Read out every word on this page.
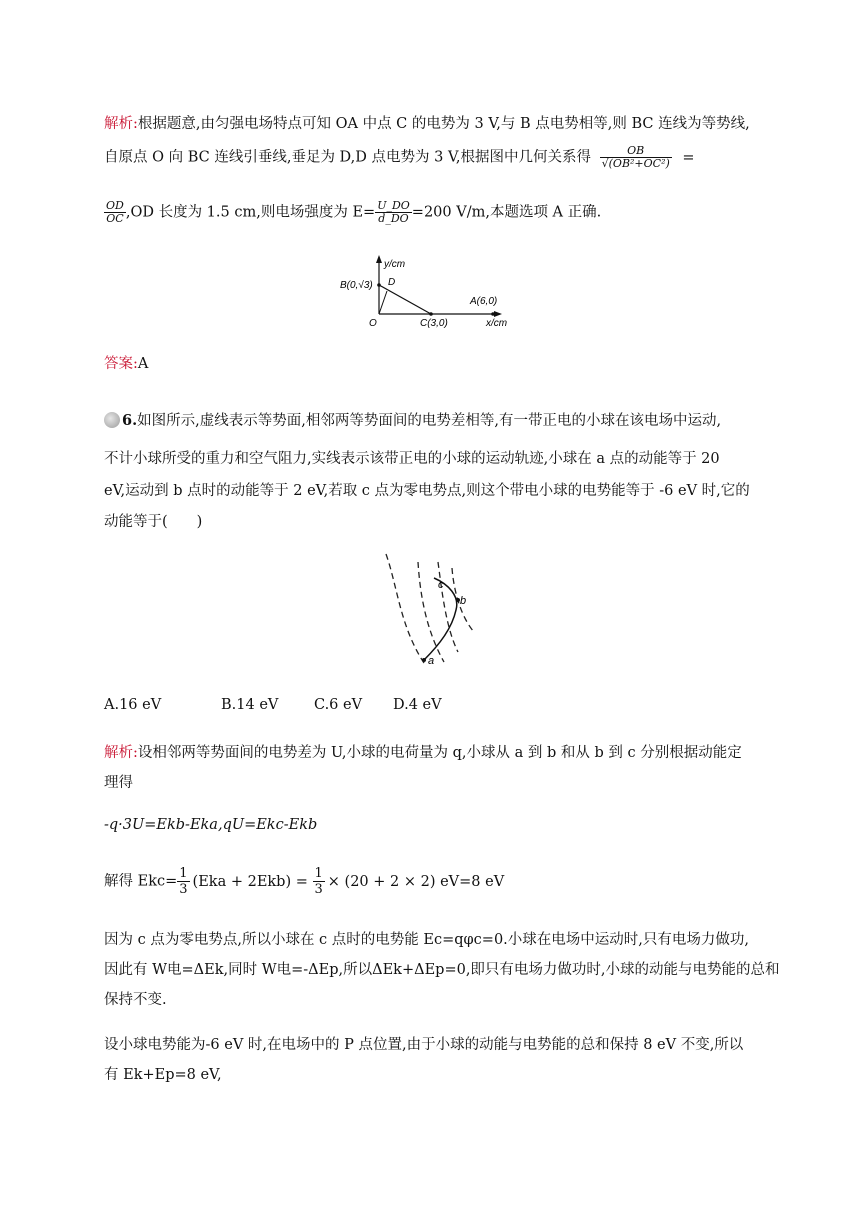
解析:根据题意,由匀强电场特点可知 OA 中点 C 的电势为 3 V,与 B 点电势相等,则 BC 连线为等势线,
自原点 O 向 BC 连线引垂线,垂足为 D,D 点电势为 3 V,根据图中几何关系得 $\frac{OB}{\text{√(OB²+OC²)}}$ =
$\frac{OD}{OC} ,OD$ 长度为 1.5 cm,则电场强度为 $E= \frac{U\_DO}{d\_DO} =200$ V/m,本题选项 A 正确.
y/cm
x/cm
B(0,√3) D
O	C(3,0)
A(6,0)
答案:A
6.如图所示,虚线表示等势面,相邻两等势面间的电势差相等,有一带正电的小球在该电场中运动,
不计小球所受的重力和空气阻力,实线表示该带正电的小球的运动轨迹,小球在 a 点的动能等于 20
eV,运动到 b 点时的动能等于 2 eV,若取 c 点为零电势点,则这个带电小球的电势能等于 -6 eV 时,它的
动能等于(　　)
c
b
a
A.16 eV	B.14 eV C.6 eV D.4 eV
解析:设相邻两等势面间的电势差为 U,小球的电荷量为 q,小球从 a 到 b 和从 b 到 c 分别根据动能定
理得
-q·3U=Ekb-Eka,qU=Ekc-Ekb
解得 $Ekc= \frac{1}{3} (Eka + 2Ekb) = \frac{1}{3} \times (20 + 2 \times 2)$ eV=8 eV
因为 c 点为零电势点,所以小球在 c 点时的电势能 Ec=qφc=0.小球在电场中运动时,只有电场力做功,
因此有 W电=ΔEk,同时 W电=-ΔEp,所以ΔEk+ΔEp=0,即只有电场力做功时,小球的动能与电势能的总和
保持不变.
设小球电势能为-6 eV 时,在电场中的 P 点位置,由于小球的动能与电势能的总和保持 8 eV 不变,所以
有 Ek+Ep=8 eV,
